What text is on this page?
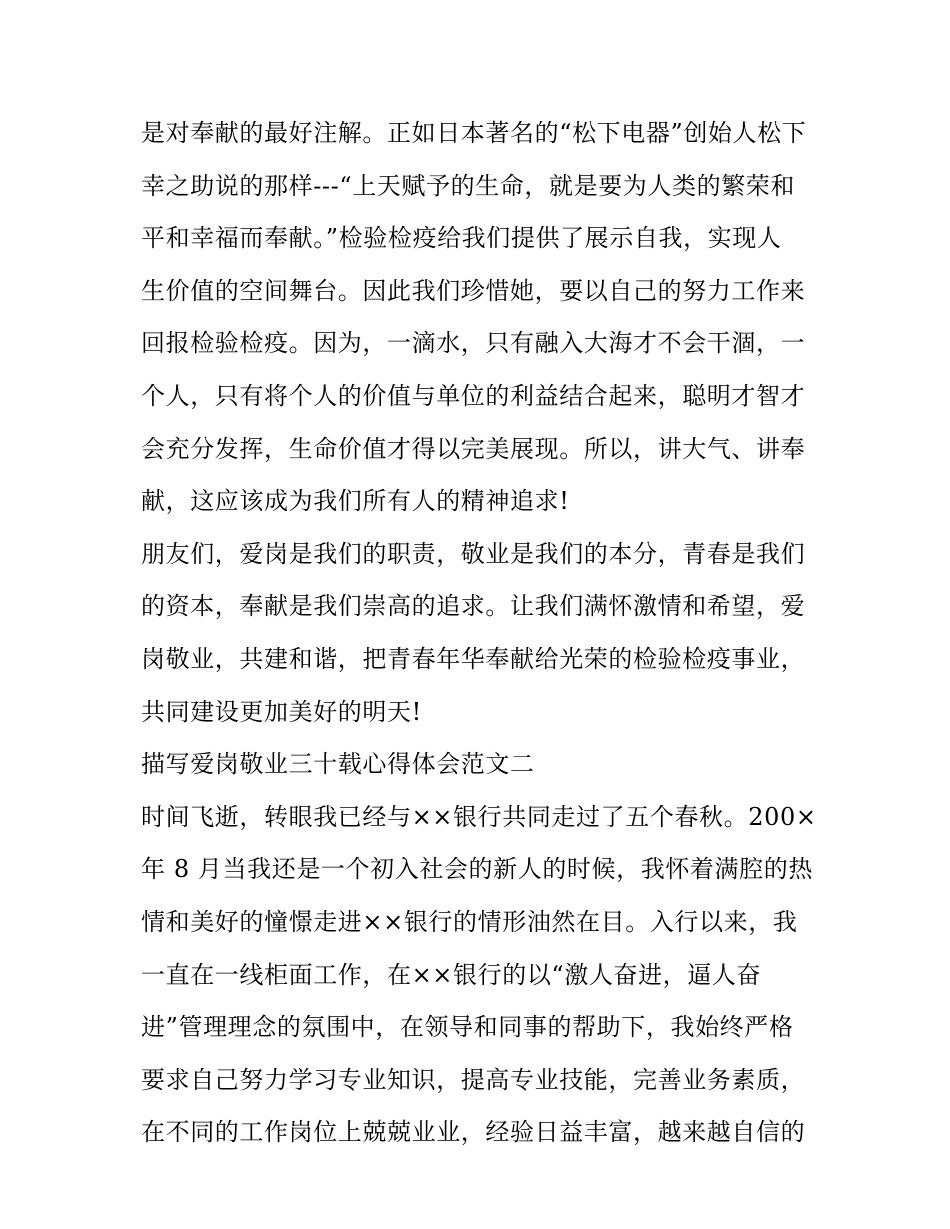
是对奉献的最好注解。正如日本著名的“松下电器”创始人松下
幸之助说的那样---“上天赋予的生命，就是要为人类的繁荣和
平和幸福而奉献。”检验检疫给我们提供了展示自我，实现人
生价值的空间舞台。因此我们珍惜她，要以自己的努力工作来
回报检验检疫。因为，一滴水，只有融入大海才不会干涸，一
个人，只有将个人的价值与单位的利益结合起来，聪明才智才
会充分发挥，生命价值才得以完美展现。所以，讲大气、讲奉
献，这应该成为我们所有人的精神追求!
朋友们，爱岗是我们的职责，敬业是我们的本分，青春是我们
的资本，奉献是我们崇高的追求。让我们满怀激情和希望，爱
岗敬业，共建和谐，把青春年华奉献给光荣的检验检疫事业，
共同建设更加美好的明天!
描写爱岗敬业三十载心得体会范文二
时间飞逝，转眼我已经与××银行共同走过了五个春秋。200×
年 8 月当我还是一个初入社会的新人的时候，我怀着满腔的热
情和美好的憧憬走进××银行的情形油然在目。入行以来，我
一直在一线柜面工作，在××银行的以“激人奋进，逼人奋
进”管理理念的氛围中，在领导和同事的帮助下，我始终严格
要求自己努力学习专业知识，提高专业技能，完善业务素质，
在不同的工作岗位上兢兢业业，经验日益丰富，越来越自信的
